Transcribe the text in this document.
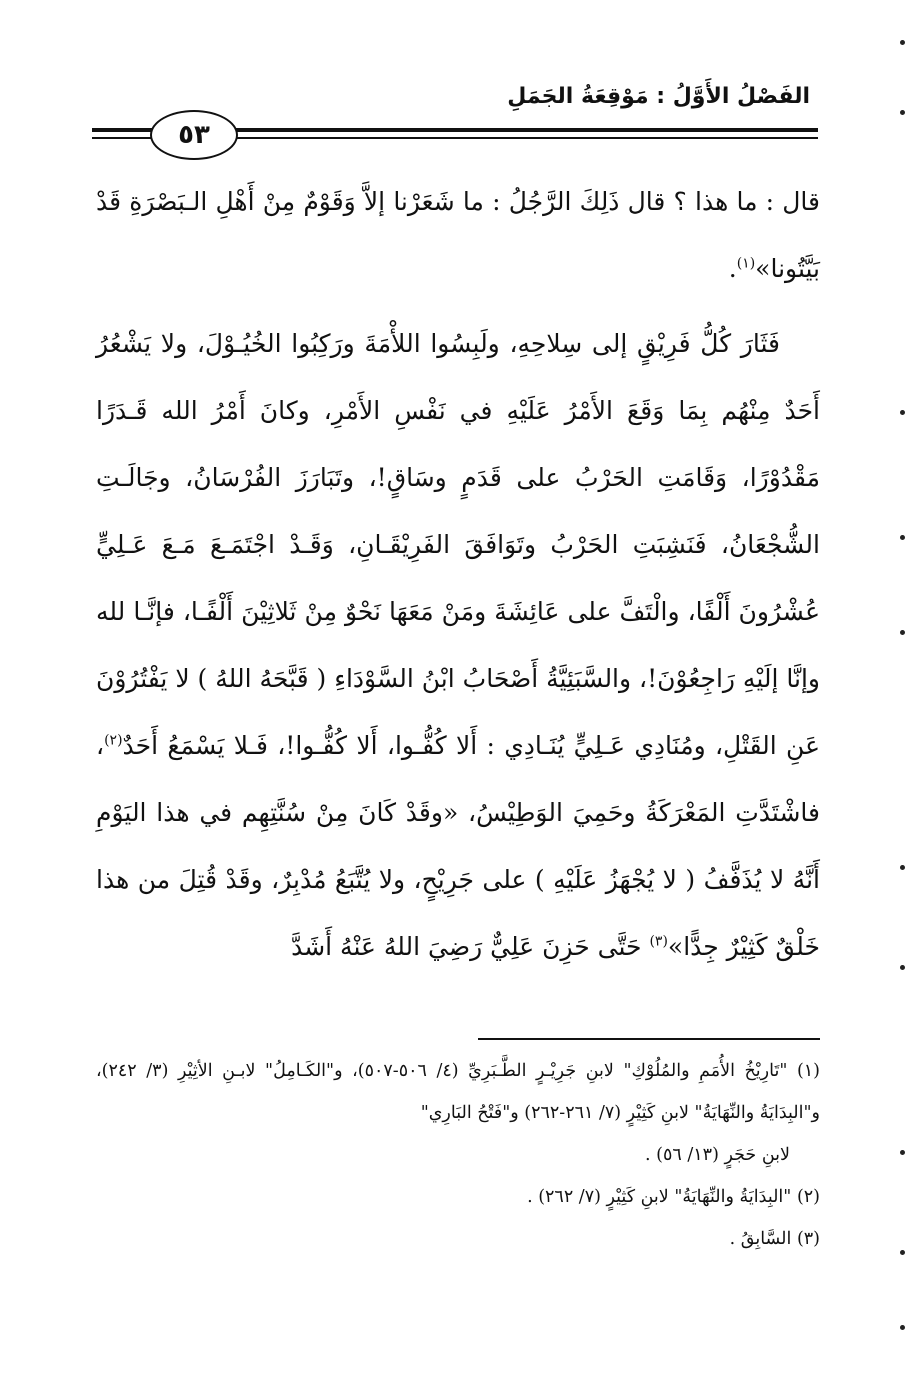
الفَصْلُ الأَوَّلُ : مَوْقِعَةُ الجَمَلِ
٥٣

قال : ما هذا ؟ قال ذَلِكَ الرَّجُلُ : ما شَعَرْنا إلاَّ وَقَوْمٌ مِنْ أَهْلِ الـبَصْرَةِ قَدْ بَيَّتُونا»$^{(١)}$.

فَثَارَ كُلُّ فَرِيْقٍ إلى سِلاحِهِ، ولَبِسُوا اللأْمَةَ ورَكِبُوا الخُيُـوْلَ، ولا يَشْعُرُ أَحَدٌ مِنْهُم بِمَا وَقَعَ الأَمْرُ عَلَيْهِ في نَفْسِ الأَمْرِ، وكانَ أَمْرُ الله قَـدَرًا مَقْدُوْرًا، وَقَامَتِ الحَرْبُ على قَدَمٍ وسَاقٍ!، وتَبَارَزَ الفُرْسَانُ، وجَالَـتِ الشُّجْعَانُ، فَنَشِبَتِ الحَرْبُ وتَوَافَقَ الفَرِيْقَـانِ، وَقَـدْ اجْتَمَـعَ مَـعَ عَـلِيٍّ عُشْرُونَ أَلْفًا، والْتَفَّ على عَائِشَةَ ومَنْ مَعَهَا نَحْوٌ مِنْ ثَلاثِيْنَ أَلْفًـا، فإنَّـا لله وإنَّا إلَيْهِ رَاجِعُوْنَ!، والسَّبَئِيَّةُ أَصْحَابُ ابْنُ السَّوْدَاءِ ( قَبَّحَهُ اللهُ ) لا يَفْتُرُوْنَ عَنِ القَتْلِ، ومُنَادِي عَـلِيٍّ يُنَـادِي : أَلا كُفُّـوا، أَلا كُفُّـوا!، فَـلا يَسْمَعُ أَحَدٌ$^{(٢)}$، فاشْتَدَّتِ المَعْرَكَةُ وحَمِيَ الوَطِيْسُ، «وقَدْ كَانَ مِنْ سُنَّتِهِم في هذا اليَوْمِ أَنَّهُ لا يُذَفَّفُ ( لا يُجْهَزُ عَلَيْهِ ) على جَرِيْحٍ، ولا يُتَّبَعُ مُدْبِرٌ، وقَدْ قُتِلَ من هذا خَلْقٌ كَثِيْرٌ جِدًّا»$^{(٣)}$ حَتَّى حَزِنَ عَلِيٌّ رَضِيَ اللهُ عَنْهُ أَشَدَّ

(١) "تَارِيْخُ الأُمَمِ والمُلُوْكِ" لابنِ جَرِيْـرٍ الطَّـبَرِيِّ (٤/ ٥٠٦-٥٠٧)، و"الكَـامِلُ" لابـنِ الأثِيْرِ (٣/ ٢٤٢)، و"البِدَايَةُ والنِّهَايَةُ" لابنِ كَثِيْرٍ (٧/ ٢٦١-٢٦٢) و"فَتْحُ البَارِي"
لابنِ حَجَرٍ (١٣/ ٥٦) .

(٢) "البِدَايَةُ والنِّهَايَةُ" لابنِ كَثِيْرٍ (٧/ ٢٦٢) .

(٣) السَّابِقُ .
